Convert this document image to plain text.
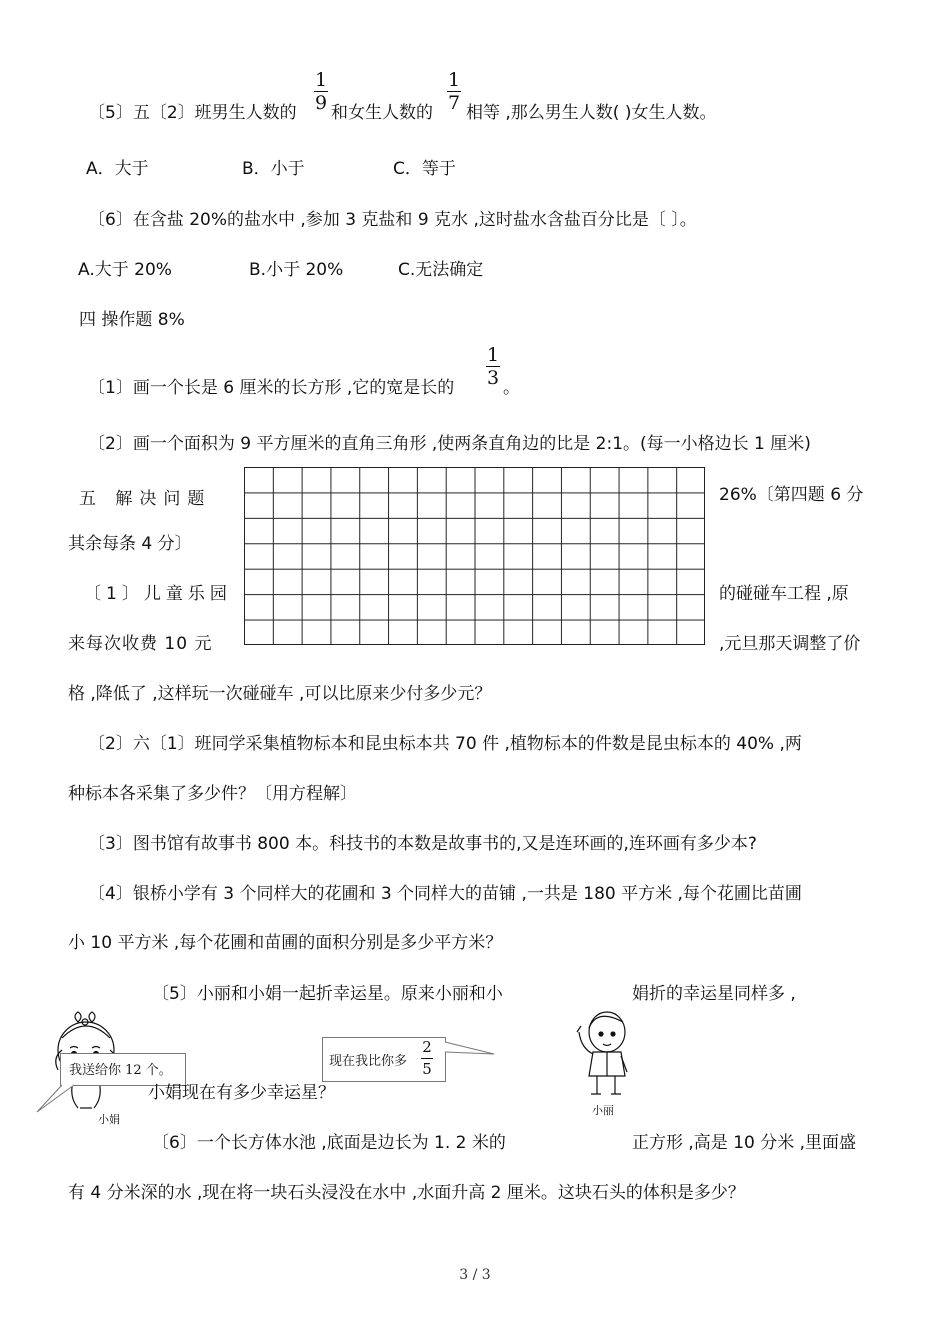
〔5〕五〔2〕班男生人数的
1
9 和女生人数的
1
7 相等 ,那么男生人数( )女生人数。
A．大于	B．小于	C．等于
〔6〕在含盐 20%的盐水中 ,参加 3 克盐和 9 克水 ,这时盐水含盐百分比是〔 〕。
A.大于 20%	B.小于 20%	C.无法确定
四 操作题 8%
〔1〕画一个长是 6 厘米的长方形 ,它的宽是长的
1
3 。
〔2〕画一个面积为 9 平方厘米的直角三角形 ,使两条直角边的比是 2:1。(每一小格边长 1 厘米)
五 解决问题	26%〔第四题 6 分
其余每条 4 分〕
〔1〕儿童乐园	的碰碰车工程 ,原
来每次收费 10 元	,元旦那天调整了价
格 ,降低了 ,这样玩一次碰碰车 ,可以比原来少付多少元？
〔2〕六〔1〕班同学采集植物标本和昆虫标本共 70 件 ,植物标本的件数是昆虫标本的 40% ,两
种标本各采集了多少件？〔用方程解〕
〔3〕图书馆有故事书 800 本。科技书的本数是故事书的,又是连环画的,连环画有多少本?
〔4〕银桥小学有 3 个同样大的花圃和 3 个同样大的苗铺 ,一共是 180 平方米 ,每个花圃比苗圃
小 10 平方米 ,每个花圃和苗圃的面积分别是多少平方米？
〔5〕小丽和小娟一起折幸运星。原来小丽和小	娟折的幸运星同样多 ,
我送给你 12 个。
小娟
现在我比你多
2
5
小娟现在有多少幸运星？
小丽
〔6〕一个长方体水池 ,底面是边长为 1. 2 米的	正方形 ,高是 10 分米 ,里面盛
有 4 分米深的水 ,现在将一块石头浸没在水中 ,水面升高 2 厘米。这块石头的体积是多少？
3 / 3
